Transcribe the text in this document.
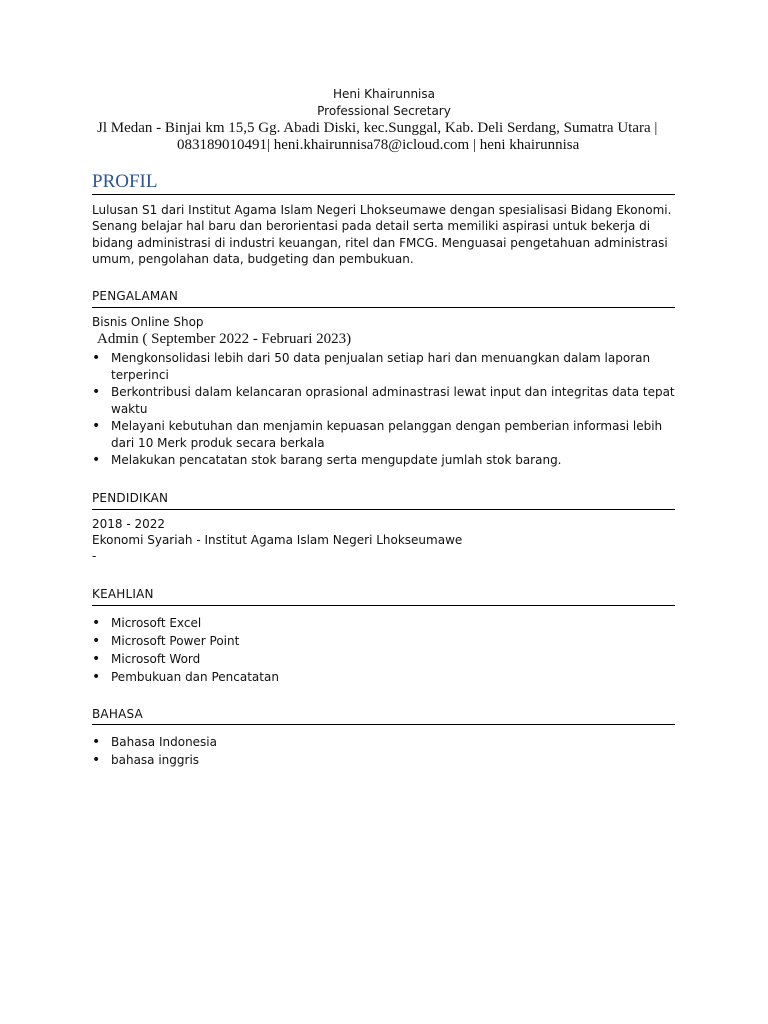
Heni Khairunnisa
Professional Secretary
Jl Medan - Binjai km 15,5 Gg. Abadi Diski, kec.Sunggal, Kab. Deli Serdang, Sumatra Utara |
083189010491| heni.khairunnisa78@icloud.com | heni khairunnisa
PROFIL
Lulusan S1 dari Institut Agama Islam Negeri Lhokseumawe dengan spesialisasi Bidang Ekonomi. Senang belajar hal baru dan berorientasi pada detail serta memiliki aspirasi untuk bekerja di bidang administrasi di industri keuangan, ritel dan FMCG. Menguasai pengetahuan administrasi umum, pengolahan data, budgeting dan pembukuan.
PENGALAMAN
Bisnis Online Shop
Admin ( September 2022 - Februari 2023)
• Mengkonsolidasi lebih dari 50 data penjualan setiap hari dan menuangkan dalam laporan terperinci
• Berkontribusi dalam kelancaran oprasional adminastrasi lewat input dan integritas data tepat waktu
• Melayani kebutuhan dan menjamin kepuasan pelanggan dengan pemberian informasi lebih dari 10 Merk produk secara berkala
• Melakukan pencatatan stok barang serta mengupdate jumlah stok barang.
PENDIDIKAN
2018 - 2022
Ekonomi Syariah - Institut Agama Islam Negeri Lhokseumawe
-
KEAHLIAN
• Microsoft Excel
• Microsoft Power Point
• Microsoft Word
• Pembukuan dan Pencatatan
BAHASA
• Bahasa Indonesia
• bahasa inggris
